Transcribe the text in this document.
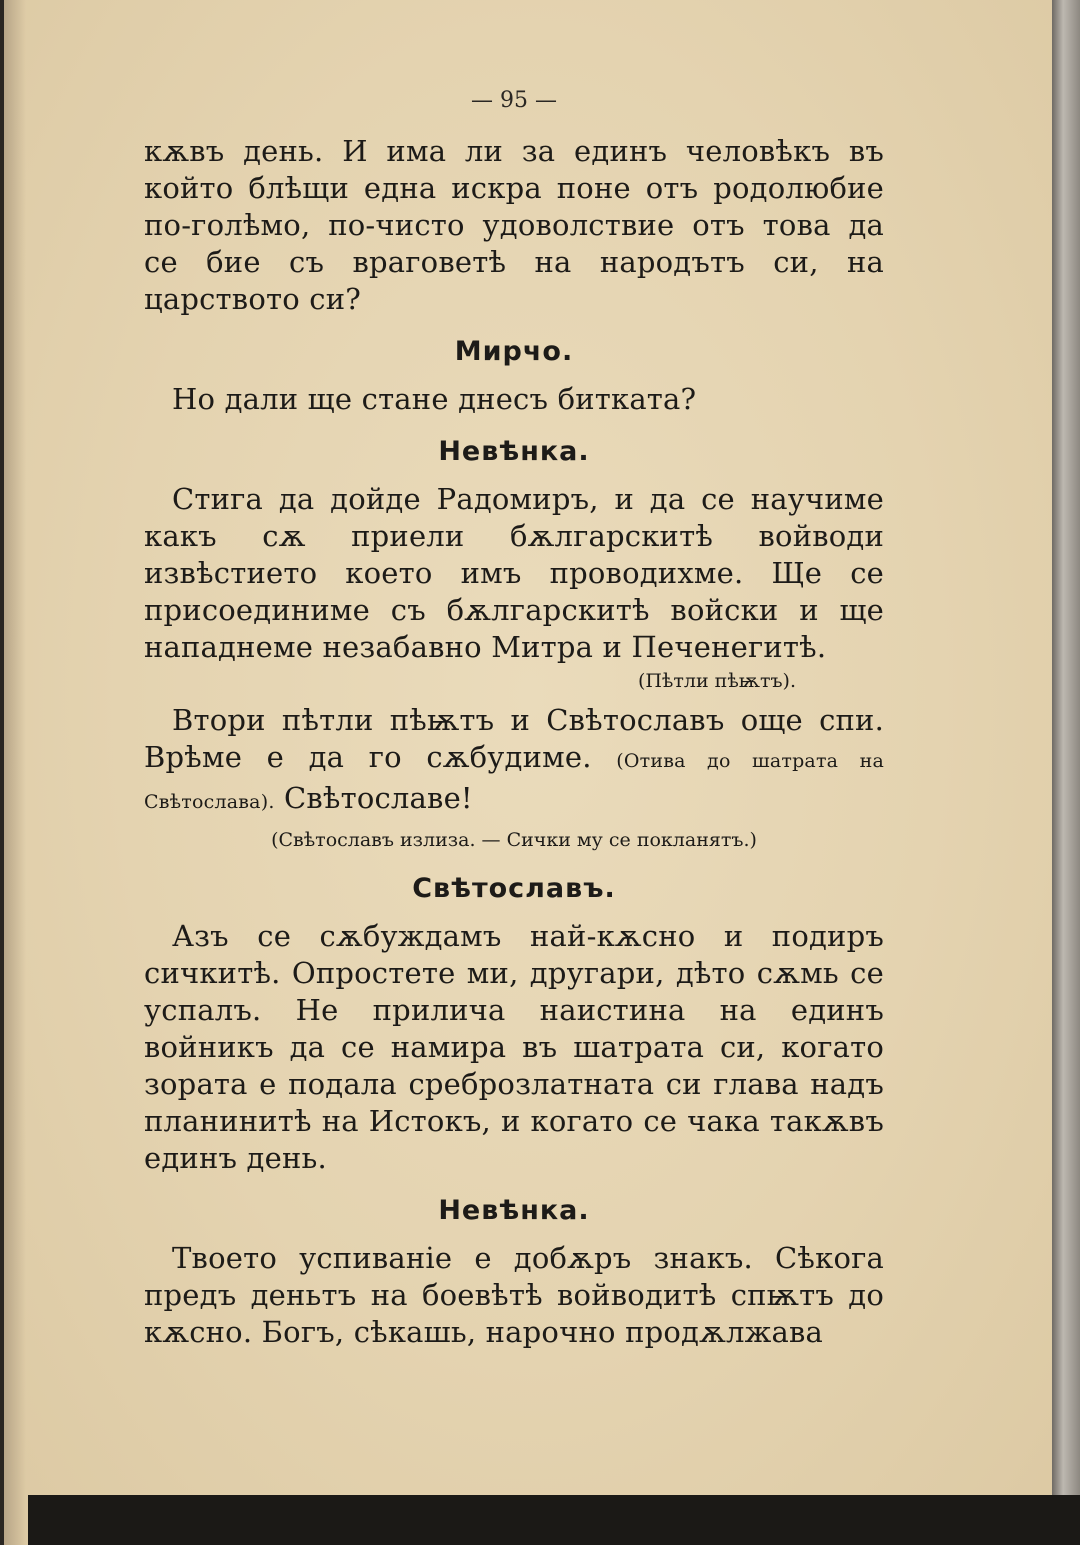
— 95 —

кѫвъ день. И има ли за единъ человѣкъ въ който блѣщи една искра поне отъ родолюбие по-голѣмо, по-чисто удоволствие отъ това да се бие съ враговетѣ на народътъ си, на царството си?

Мирчо.

Но дали ще стане днесъ битката?

Невѣнка.

Стига да дойде Радомиръ, и да се научиме какъ сѫ приели бѫлгарскитѣ войводи извѣстието което имъ проводихме. Ще се присоединиме съ бѫлгарскитѣ войски и ще нападнеме незабавно Митра и Печенегитѣ.

(Пѣтли пѣѭтъ).

Втори пѣтли пѣѭтъ и Свѣтославъ още спи. Врѣме е да го сѫбудиме. (Отива до шатрата на Свѣтослава). Свѣтославе!

(Свѣтославъ излиза. — Сички му се покланятъ.)
Свѣтославъ.

Азъ се сѫбуждамъ най-кѫсно и подиръ сичкитѣ. Опростете ми, другари, дѣто сѫмь се успалъ. Не прилича наистина на единъ войникъ да се намира въ шатрата си, когато зората е подала среброзлатната си глава надъ планинитѣ на Истокъ, и когато се чака такѫвъ единъ день.

Невѣнка.

Твоето успиванiе е добѫръ знакъ. Сѣкога предъ деньтъ на боевѣтѣ войводитѣ спѭтъ до кѫсно. Богъ, сѣкашь, нарочно продѫлжава
